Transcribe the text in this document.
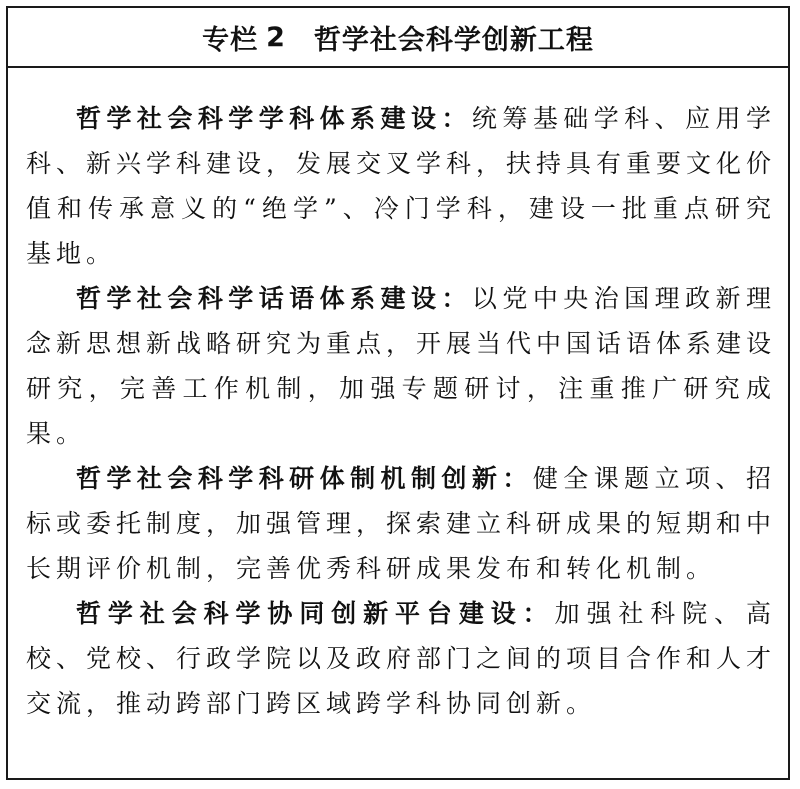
专栏 2 哲学社会科学创新工程

哲学社会科学学科体系建设：统筹基础学科、应用学科、新兴学科建设，发展交叉学科，扶持具有重要文化价值和传承意义的“绝学”、冷门学科，建设一批重点研究基地。

哲学社会科学话语体系建设：以党中央治国理政新理念新思想新战略研究为重点，开展当代中国话语体系建设研究，完善工作机制，加强专题研讨，注重推广研究成果。

哲学社会科学科研体制机制创新：健全课题立项、招标或委托制度，加强管理，探索建立科研成果的短期和中长期评价机制，完善优秀科研成果发布和转化机制。

哲学社会科学协同创新平台建设：加强社科院、高校、党校、行政学院以及政府部门之间的项目合作和人才交流，推动跨部门跨区域跨学科协同创新。
